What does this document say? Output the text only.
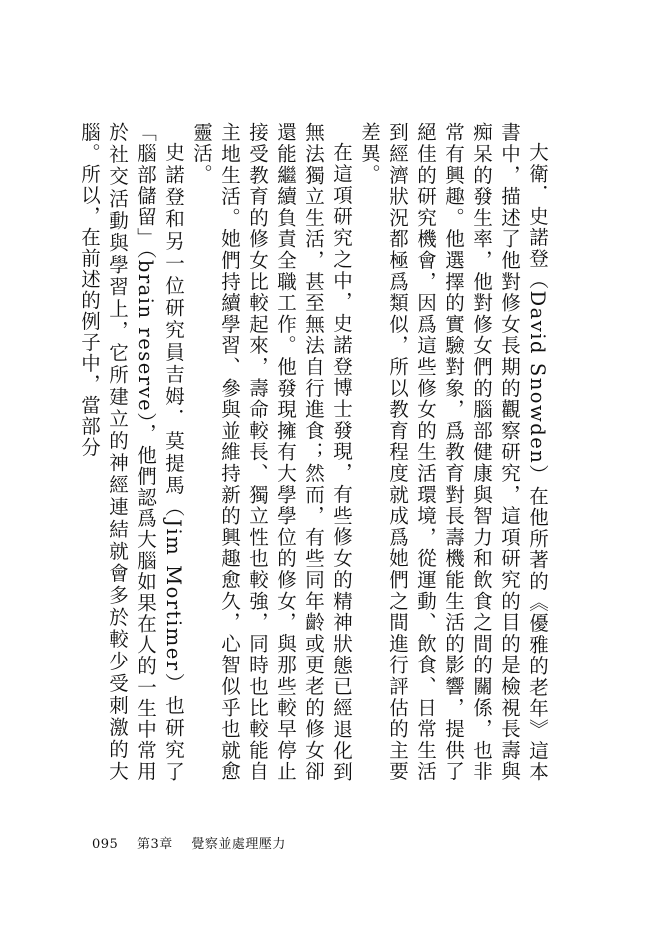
大衛．史諾登（David Snowden）在他所著的《優雅的老年》這本書中，描述了他對修女長期的觀察研究，這項研究的目的是檢視長壽與痴呆的發生率，他對修女們的腦部健康與智力和飲食之間的關係，也非常有興趣。他選擇的實驗對象，爲教育對長壽機能生活的影響，提供了絕佳的研究機會，因爲這些修女的生活環境，從運動、飲食、日常生活到經濟狀況都極爲類似，所以教育程度就成爲她們之間進行評估的主要差異。

在這項研究之中，史諾登博士發現，有些修女的精神狀態已經退化到無法獨立生活，甚至無法自行進食；然而，有些同年齡或更老的修女卻還能繼續負責全職工作。他發現擁有大學學位的修女，與那些較早停止接受教育的修女比較起來，壽命較長、獨立性也較強，同時也比較能自主地生活。她們持續學習、參與並維持新的興趣愈久，心智似乎也就愈靈活。

史諾登和另一位研究員吉姆．莫提馬（Jim Mortimer）也研究了「腦部儲留」（brain reserve），他們認爲大腦如果在人的一生中常用於社交活動與學習上，它所建立的神經連結就會多於較少受刺激的大腦。所以，在前述的例子中，當部分

095 第3章 覺察並處理壓力
